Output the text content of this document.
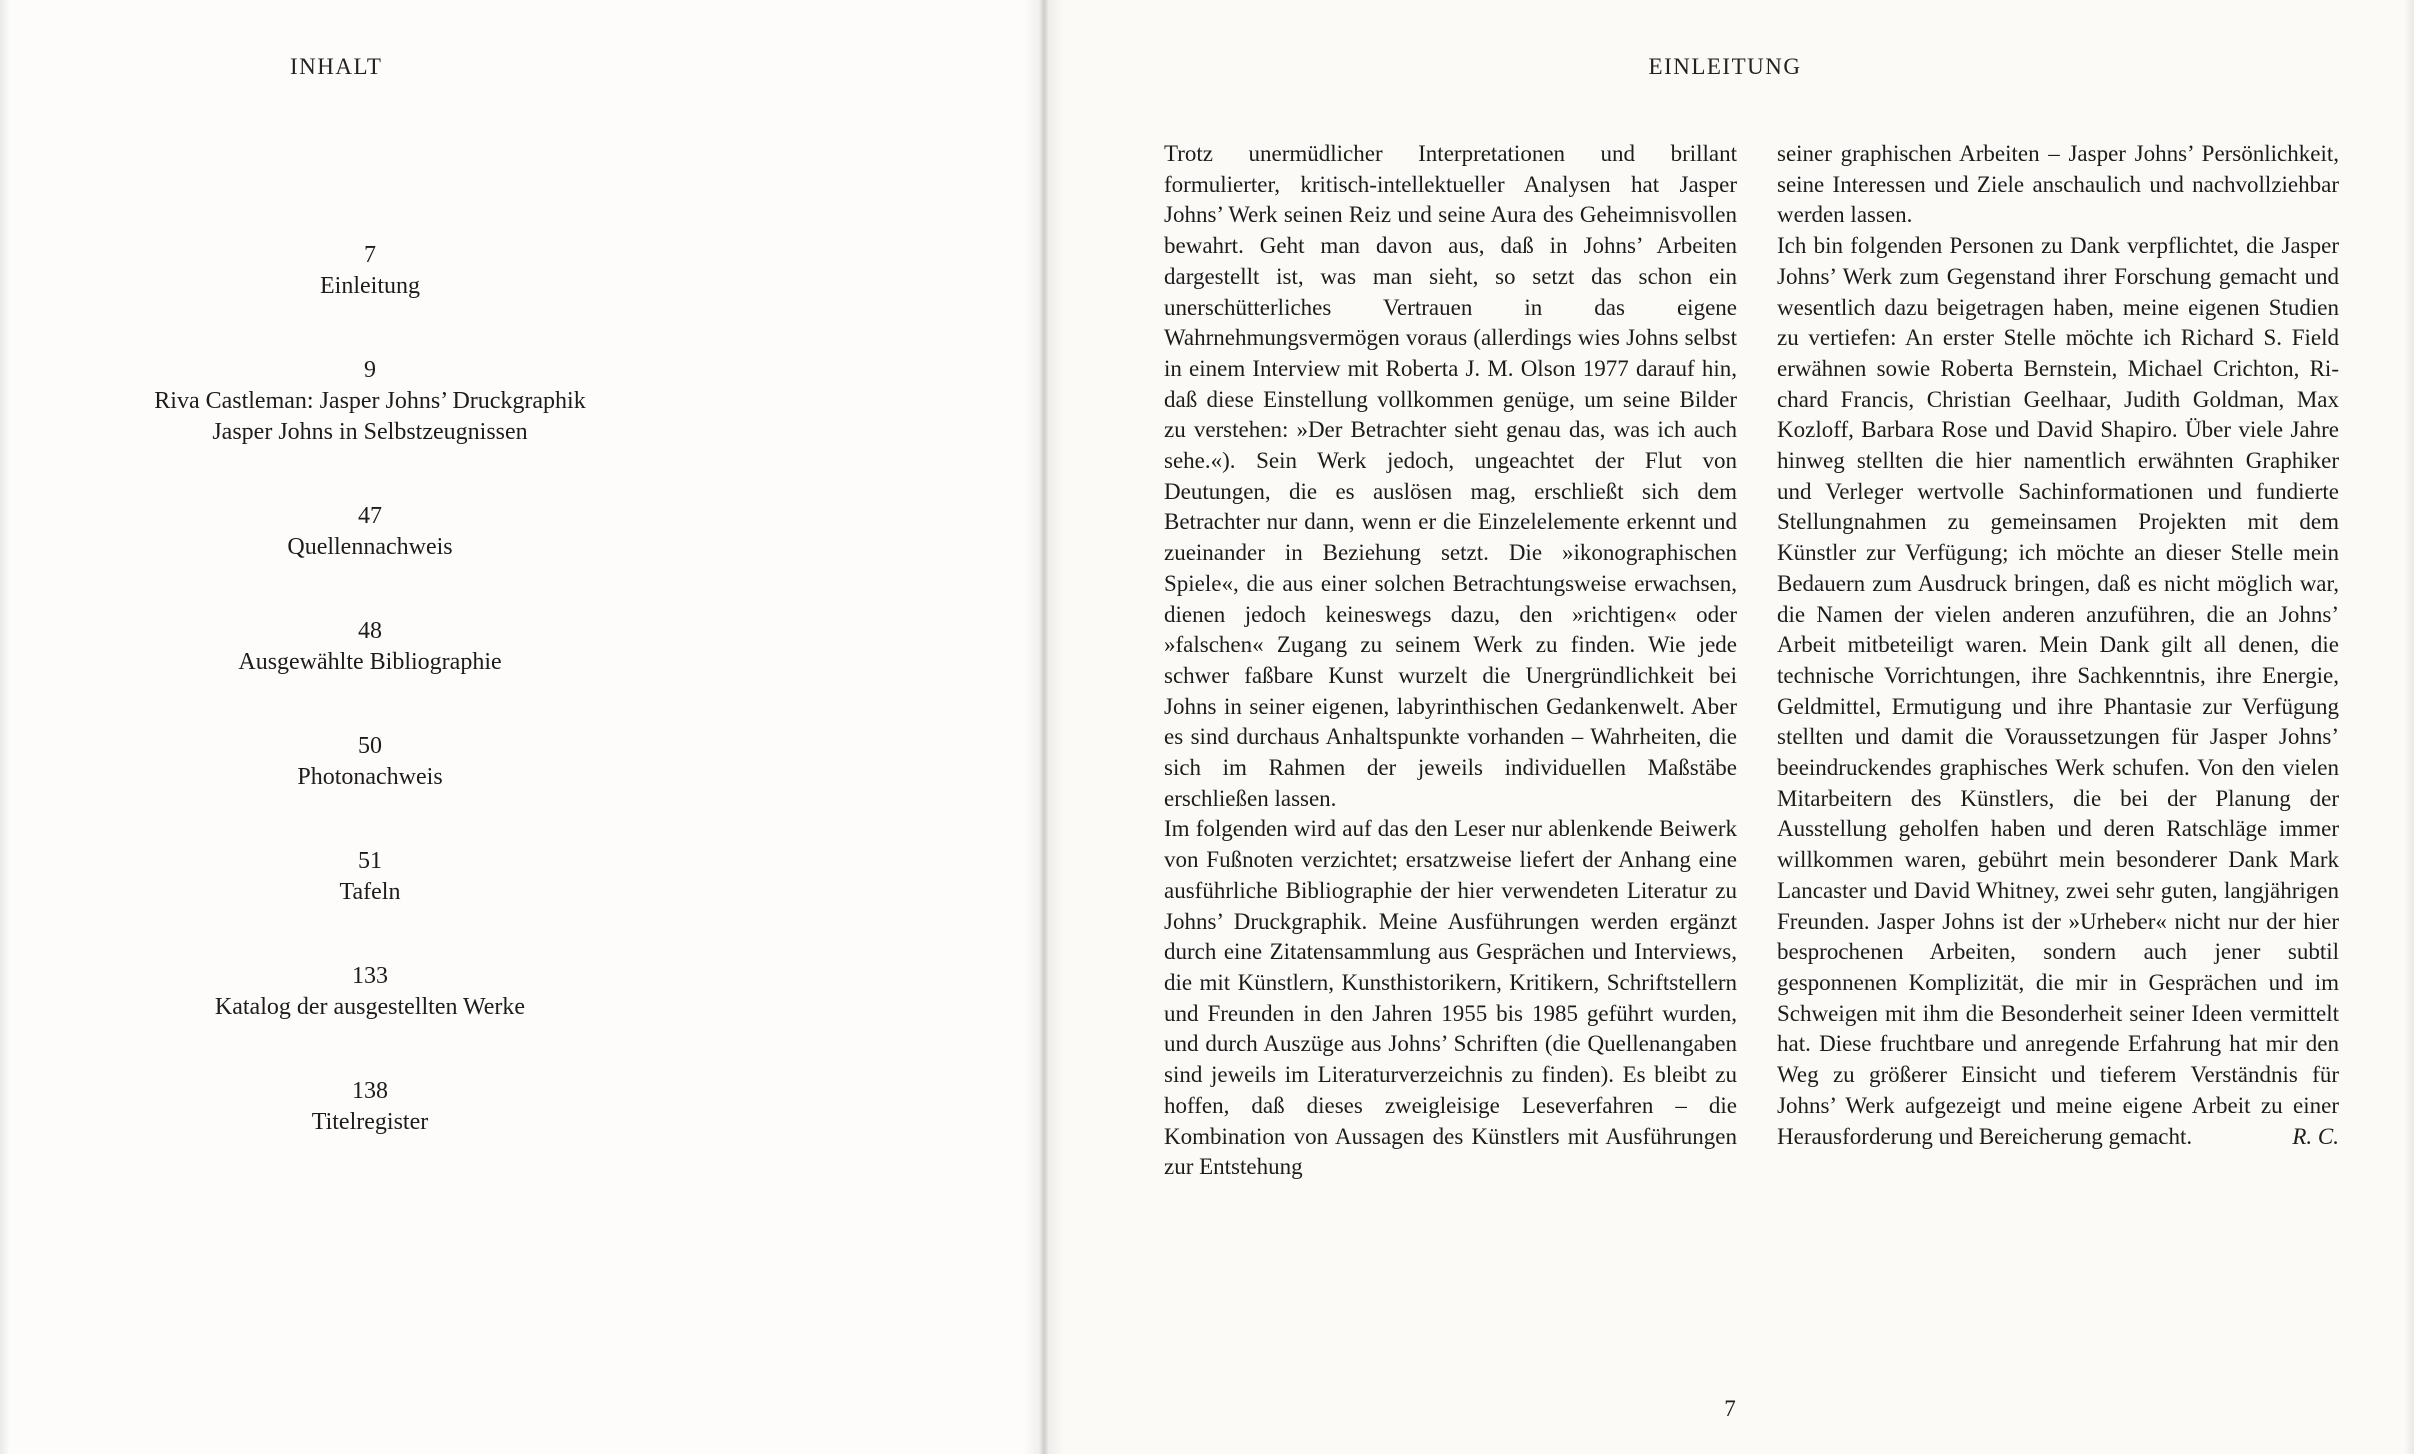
INHALT
7
Einleitung
9
Riva Castleman: Jasper Johns’ Druckgraphik
Jasper Johns in Selbstzeugnissen
47
Quellennachweis
48
Ausgewählte Bibliographie
50
Photonachweis
51
Tafeln
133
Katalog der ausgestellten Werke
138
Titelregister
EINLEITUNG

Trotz unermüdlicher Interpretationen und brillant formulierter, kritisch-intellektueller Analysen hat Jasper Johns’ Werk seinen Reiz und seine Aura des Geheimnisvollen bewahrt. Geht man davon aus, daß in Johns’ Arbeiten dargestellt ist, was man sieht, so setzt das schon ein unerschütterliches Vertrauen in das eigene Wahrnehmungsvermögen voraus (allerdings wies Johns selbst in einem Interview mit Roberta J. M. Olson 1977 darauf hin, daß diese Einstellung vollkommen genüge, um seine Bilder zu verstehen: »Der Betrachter sieht genau das, was ich auch sehe.«). Sein Werk jedoch, ungeachtet der Flut von Deutungen, die es auslösen mag, erschließt sich dem Betrachter nur dann, wenn er die Einzelelemente erkennt und zueinander in Beziehung setzt. Die »ikonographischen Spiele«, die aus einer solchen Betrachtungsweise erwachsen, dienen jedoch keineswegs dazu, den »richtigen« oder »falschen« Zugang zu seinem Werk zu finden. Wie jede schwer faßbare Kunst wurzelt die Unergründlichkeit bei Johns in seiner eigenen, labyrinthischen Gedankenwelt. Aber es sind durchaus Anhaltspunkte vorhanden – Wahrheiten, die sich im Rahmen der jeweils individuellen Maßstäbe erschließen lassen.

Im folgenden wird auf das den Leser nur ablenkende Beiwerk von Fußnoten verzichtet; ersatzweise liefert der Anhang eine ausführliche Bibliographie der hier verwendeten Literatur zu Johns’ Druckgraphik. Meine Ausführungen werden ergänzt durch eine Zitatensammlung aus Gesprächen und Interviews, die mit Künstlern, Kunsthistorikern, Kritikern, Schriftstellern und Freunden in den Jahren 1955 bis 1985 geführt wurden, und durch Auszüge aus Johns’ Schriften (die Quellenangaben sind jeweils im Literaturverzeichnis zu finden). Es bleibt zu hoffen, daß dieses zweigleisige Leseverfahren – die Kombination von Aussagen des Künstlers mit Ausführungen zur Entstehung

seiner graphischen Arbeiten – Jasper Johns’ Persönlichkeit, seine Interessen und Ziele anschaulich und nachvollziehbar werden lassen.

Ich bin folgenden Personen zu Dank verpflichtet, die Jasper Johns’ Werk zum Gegenstand ihrer Forschung gemacht und wesentlich dazu beigetragen haben, meine eigenen Studien zu vertiefen: An erster Stelle möchte ich Richard S. Field erwähnen sowie Roberta Bernstein, Michael Crichton, Richard Francis, Christian Geelhaar, Judith Goldman, Max Kozloff, Barbara Rose und David Shapiro. Über viele Jahre hinweg stellten die hier namentlich erwähnten Graphiker und Verleger wertvolle Sachinformationen und fundierte Stellungnahmen zu gemeinsamen Projekten mit dem Künstler zur Verfügung; ich möchte an dieser Stelle mein Bedauern zum Ausdruck bringen, daß es nicht möglich war, die Namen der vielen anderen anzuführen, die an Johns’ Arbeit mitbeteiligt waren. Mein Dank gilt all denen, die technische Vorrichtungen, ihre Sachkenntnis, ihre Energie, Geldmittel, Ermutigung und ihre Phantasie zur Verfügung stellten und damit die Voraussetzungen für Jasper Johns’ beeindruckendes graphisches Werk schufen. Von den vielen Mitarbeitern des Künstlers, die bei der Planung der Ausstellung geholfen haben und deren Ratschläge immer willkommen waren, gebührt mein besonderer Dank Mark Lancaster und David Whitney, zwei sehr guten, langjährigen Freunden. Jasper Johns ist der »Urheber« nicht nur der hier besprochenen Arbeiten, sondern auch jener subtil gesponnenen Komplizität, die mir in Gesprächen und im Schweigen mit ihm die Besonderheit seiner Ideen vermittelt hat. Diese fruchtbare und anregende Erfahrung hat mir den Weg zu größerer Einsicht und tieferem Verständnis für Johns’ Werk aufgezeigt und meine eigene Arbeit zu einer Herausforderung und Bereicherung gemacht.	R. C.

7
